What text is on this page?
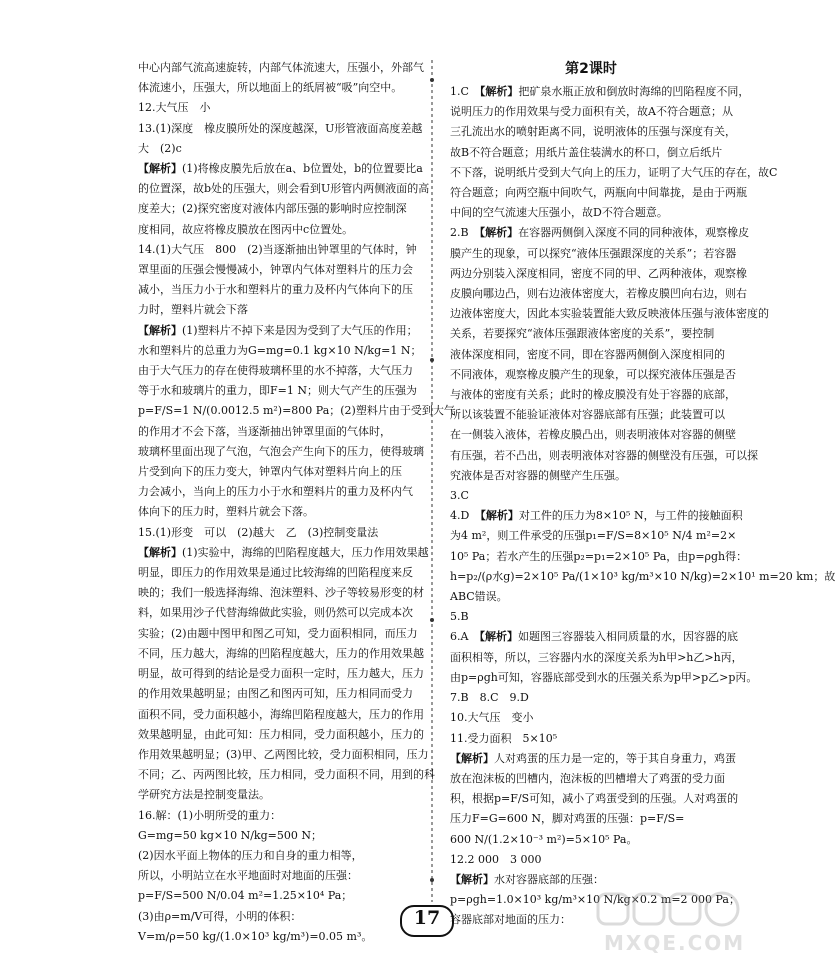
中心内部气流高速旋转，内部气体流速大，压强小，外部气
体流速小，压强大，所以地面上的纸屑被“吸”向空中。
12.大气压　小
13.(1)深度　橡皮膜所处的深度越深，U形管液面高度差越
大　(2)c
【解析】(1)将橡皮膜先后放在a、b位置处，b的位置要比a
的位置深，故b处的压强大，则会看到U形管内两侧液面的高
度差大；(2)探究密度对液体内部压强的影响时应控制深
度相同，故应将橡皮膜放在图丙中c位置处。
14.(1)大气压　800　(2)当逐渐抽出钟罩里的气体时，钟
罩里面的压强会慢慢减小，钟罩内气体对塑料片的压力会
减小，当压力小于水和塑料片的重力及杯内气体向下的压
力时，塑料片就会下落
【解析】(1)塑料片不掉下来是因为受到了大气压的作用；
水和塑料片的总重力为G=mg=0.1 kg×10 N/kg=1 N；
由于大气压力的存在使得玻璃杯里的水不掉落，大气压力
等于水和玻璃片的重力，即F=1 N；则大气产生的压强为
p=F/S=1 N/(0.0012.5 m²)=800 Pa；(2)塑料片由于受到大气
的作用才不会下落，当逐渐抽出钟罩里面的气体时，
玻璃杯里面出现了气泡，气泡会产生向下的压力，使得玻璃
片受到向下的压力变大，钟罩内气体对塑料片向上的压
力会减小，当向上的压力小于水和塑料片的重力及杯内气
体向下的压力时，塑料片就会下落。
15.(1)形变　可以　(2)越大　乙　(3)控制变量法
【解析】(1)实验中，海绵的凹陷程度越大，压力作用效果越
明显，即压力的作用效果是通过比较海绵的凹陷程度来反
映的；我们一般选择海绵、泡沫塑料、沙子等较易形变的材
料，如果用沙子代替海绵做此实验，则仍然可以完成本次
实验；(2)由题中图甲和图乙可知，受力面积相同，而压力
不同，压力越大，海绵的凹陷程度越大，压力的作用效果越
明显，故可得到的结论是受力面积一定时，压力越大，压力
的作用效果越明显；由图乙和图丙可知，压力相同而受力
面积不同，受力面积越小，海绵凹陷程度越大，压力的作用
效果越明显，由此可知：压力相同，受力面积越小，压力的
作用效果越明显；(3)甲、乙两图比较，受力面积相同，压力
不同；乙、丙两图比较，压力相同，受力面积不同，用到的科
学研究方法是控制变量法。
16.解：(1)小明所受的重力：
G=mg=50 kg×10 N/kg=500 N；
(2)因水平面上物体的压力和自身的重力相等，
所以，小明站立在水平地面时对地面的压强：
p=F/S=500 N/0.04 m²=1.25×10⁴ Pa；
(3)由ρ=m/V可得，小明的体积：
V=m/ρ=50 kg/(1.0×10³ kg/m³)=0.05 m³。
第2课时
1.C　【解析】把矿泉水瓶正放和倒放时海绵的凹陷程度不同，
说明压力的作用效果与受力面积有关，故A不符合题意；从
三孔流出水的喷射距离不同，说明液体的压强与深度有关，
故B不符合题意；用纸片盖住装满水的杯口，倒立后纸片
不下落，说明纸片受到大气向上的压力，证明了大气压的存在，故C
符合题意；向两空瓶中间吹气，两瓶向中间靠拢，是由于两瓶
中间的空气流速大压强小，故D不符合题意。
2.B　【解析】在容器两侧倒入深度不同的同种液体，观察橡皮
膜产生的现象，可以探究“液体压强跟深度的关系”；若容器
两边分别装入深度相同，密度不同的甲、乙两种液体，观察橡
皮膜向哪边凸，则右边液体密度大，若橡皮膜凹向右边，则右
边液体密度大，因此本实验装置能大致反映液体压强与液体密度的
关系，若要探究“液体压强跟液体密度的关系”，要控制
液体深度相同，密度不同，即在容器两侧倒入深度相同的
不同液体，观察橡皮膜产生的现象，可以探究液体压强是否
与液体的密度有关系；此时的橡皮膜没有处于容器的底部，
所以该装置不能验证液体对容器底部有压强；此装置可以
在一侧装入液体，若橡皮膜凸出，则表明液体对容器的侧壁
有压强，若不凸出，则表明液体对容器的侧壁没有压强，可以探
究液体是否对容器的侧壁产生压强。
3.C
4.D　【解析】对工件的压力为8×10⁵ N，与工件的接触面积
为4 m²，则工件承受的压强p₁=F/S=8×10⁵ N/4 m²=2×
10⁵ Pa；若水产生的压强p₂=p₁=2×10⁵ Pa，由p=ρgh得：
h=p₂/(ρ水g)=2×10⁵ Pa/(1×10³ kg/m³×10 N/kg)=2×10¹ m=20 km；故
ABC错误。
5.B
6.A　【解析】如题图三容器装入相同质量的水，因容器的底
面积相等，所以，三容器内水的深度关系为h甲>h乙>h丙，
由p=ρgh可知，容器底部受到水的压强关系为p甲>p乙>p丙。
7.B　8.C　9.D
10.大气压　变小
11.受力面积　5×10⁵
【解析】人对鸡蛋的压力是一定的，等于其自身重力，鸡蛋
放在泡沫板的凹槽内，泡沫板的凹槽增大了鸡蛋的受力面
积，根据p=F/S可知，减小了鸡蛋受到的压强。人对鸡蛋的
压力F=G=600 N，脚对鸡蛋的压强：p=F/S=
600 N/(1.2×10⁻³ m²)=5×10⁵ Pa。
12.2 000　3 000
【解析】水对容器底部的压强：
p=ρgh=1.0×10³ kg/m³×10 N/kg×0.2 m=2 000 Pa；
容器底部对地面的压力：
17
MXQE.COM
